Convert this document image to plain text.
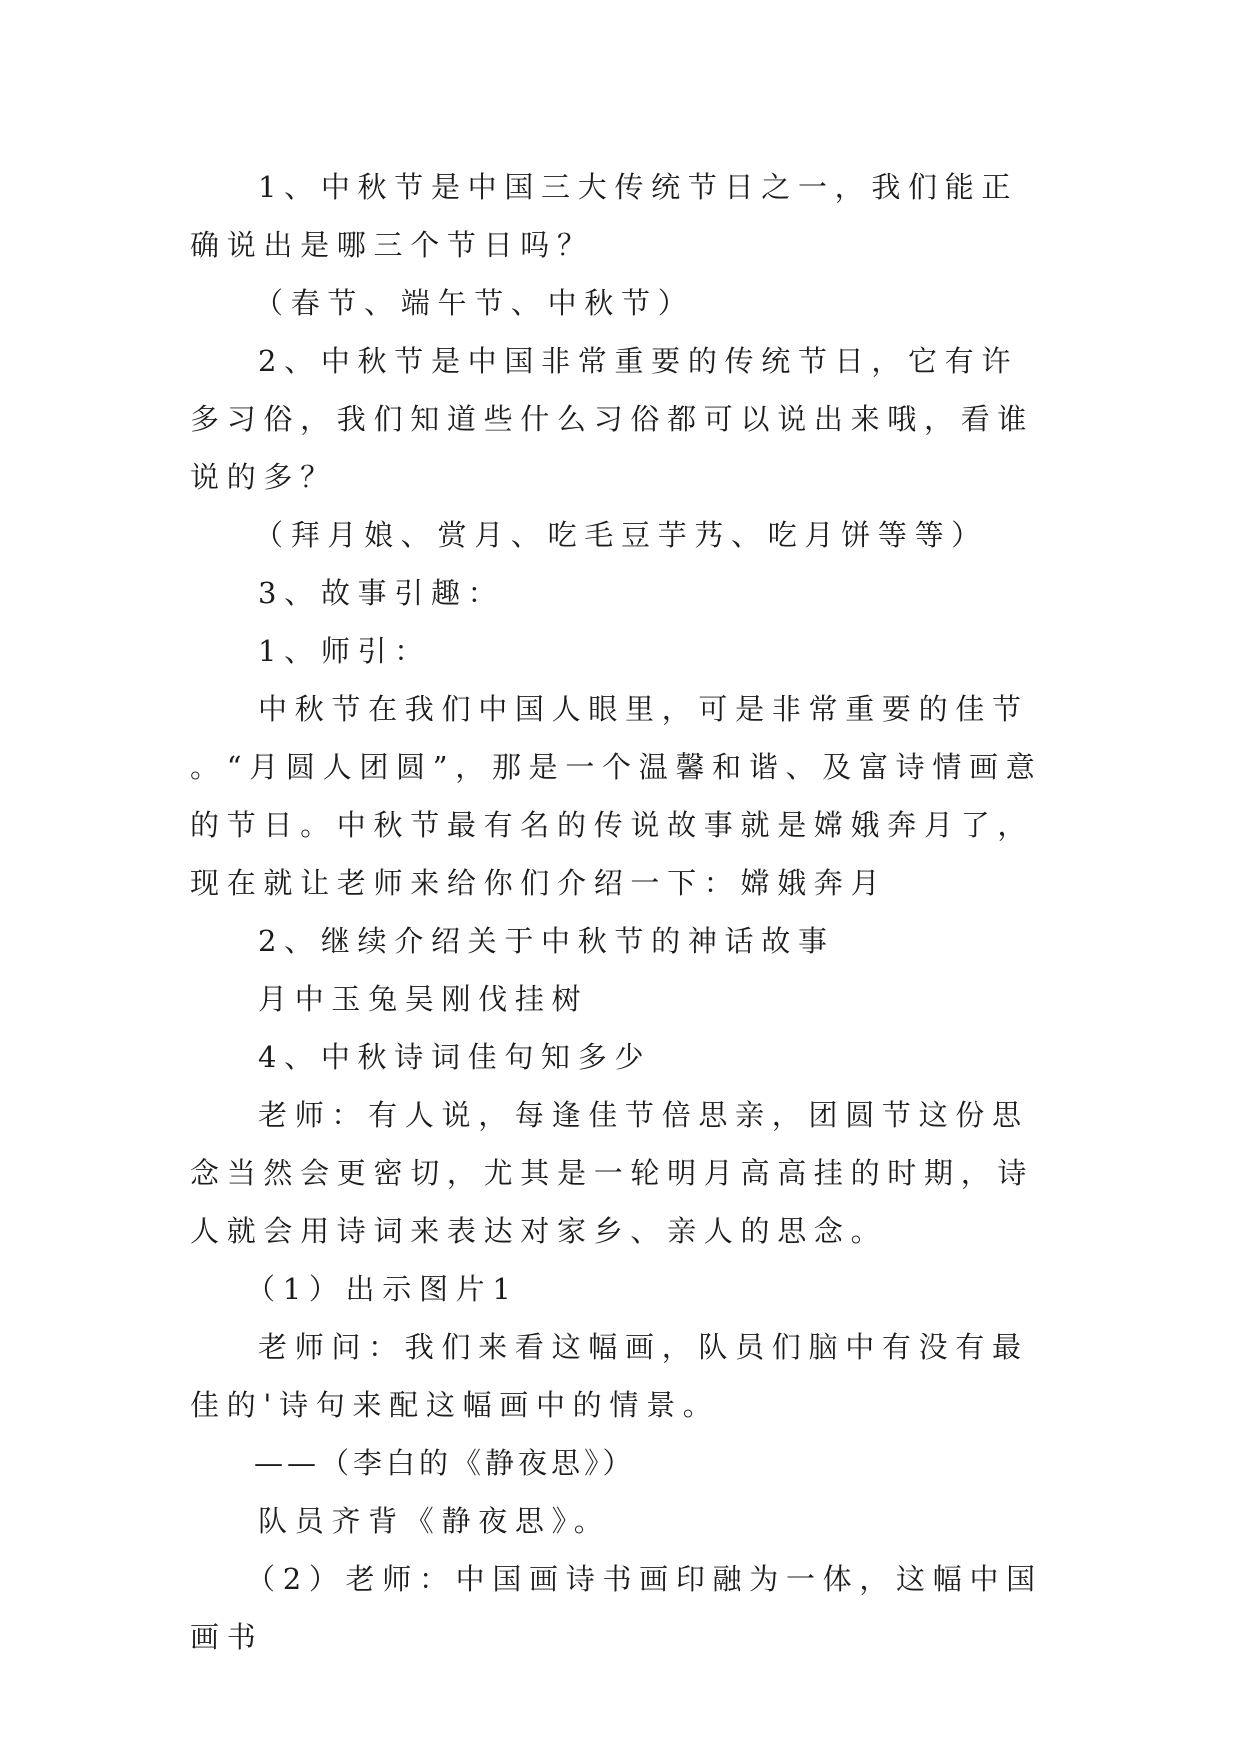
1、中秋节是中国三大传统节日之一，我们能正确说出是哪三个节日吗？

（春节、端午节、中秋节）

2、中秋节是中国非常重要的传统节日，它有许多习俗，我们知道些什么习俗都可以说出来哦，看谁说的多？

（拜月娘、赏月、吃毛豆芋艿、吃月饼等等）

3、故事引趣：

1、师引：

中秋节在我们中国人眼里，可是非常重要的佳节。“月圆人团圆”，那是一个温馨和谐、及富诗情画意的节日。中秋节最有名的传说故事就是嫦娥奔月了，现在就让老师来给你们介绍一下：嫦娥奔月

2、继续介绍关于中秋节的神话故事

月中玉兔吴刚伐挂树

4、中秋诗词佳句知多少

老师：有人说，每逢佳节倍思亲，团圆节这份思念当然会更密切，尤其是一轮明月高高挂的时期，诗人就会用诗词来表达对家乡、亲人的思念。

（1）出示图片1

老师问：我们来看这幅画，队员们脑中有没有最佳的'诗句来配这幅画中的情景。

——（李白的《静夜思》）

队员齐背《静夜思》。

（2）老师：中国画诗书画印融为一体，这幅中国画书
